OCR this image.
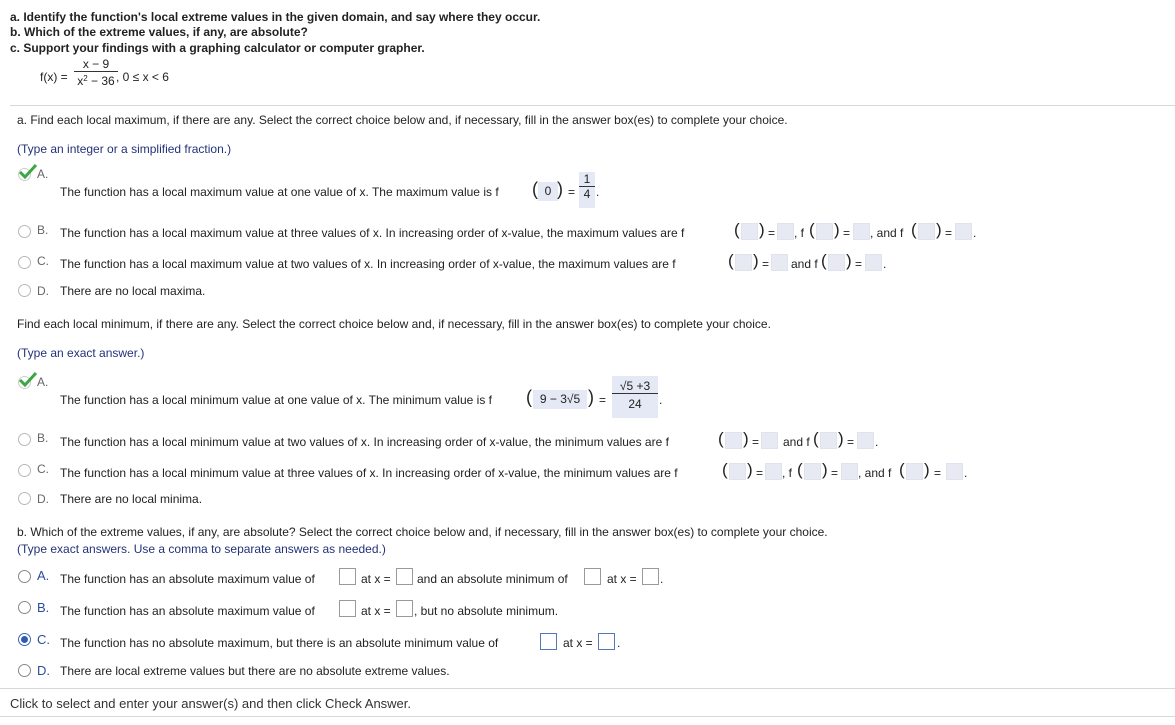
a. Identify the function's local extreme values in the given domain, and say where they occur.
b. Which of the extreme values, if any, are absolute?
c. Support your findings with a graphing calculator or computer grapher.
$f(x) = \frac{x - 9}{x^2 - 36}$
, 0 ≤ x < 6
a. Find each local maximum, if there are any. Select the correct choice below and, if necessary, fill in the answer box(es) to complete your choice.
(Type an integer or a simplified fraction.)
A.
The function has a local maximum value at one value of x. The maximum value is f	0
( ) = $\frac{1}{4}$ .
B. The function has a local maximum value at three values of x. In increasing order of x-value, the maximum values are f	( ) = , f ( ) = , and f ( ) = .
C. The function has a local maximum value at two values of x. In increasing order of x-value, the maximum values are f	( ) = and f ( ) = .
D. There are no local maxima.
Find each local minimum, if there are any. Select the correct choice below and, if necessary, fill in the answer box(es) to complete your choice.
(Type an exact answer.)
A.
The function has a local minimum value at one value of x. The minimum value is f ( 9 − 3√5 ) = $\frac{√5 +3}{24}$ .
B. The function has a local minimum value at two values of x. In increasing order of x-value, the minimum values are f	( ) = and f ( ) = .
C. The function has a local minimum value at three values of x. In increasing order of x-value, the minimum values are f	( ) = , f ( ) = , and f ( ) = .
D. There are no local minima.
b. Which of the extreme values, if any, are absolute? Select the correct choice below and, if necessary, fill in the answer box(es) to complete your choice.
(Type exact answers. Use a comma to separate answers as needed.)
A. The function has an absolute maximum value of	at x = and an absolute minimum of	at x = .
B. The function has an absolute maximum value of	at x = , but no absolute minimum.
C. The function has no absolute maximum, but there is an absolute minimum value of	at x = .
D. There are local extreme values but there are no absolute extreme values.
Click to select and enter your answer(s) and then click Check Answer.
